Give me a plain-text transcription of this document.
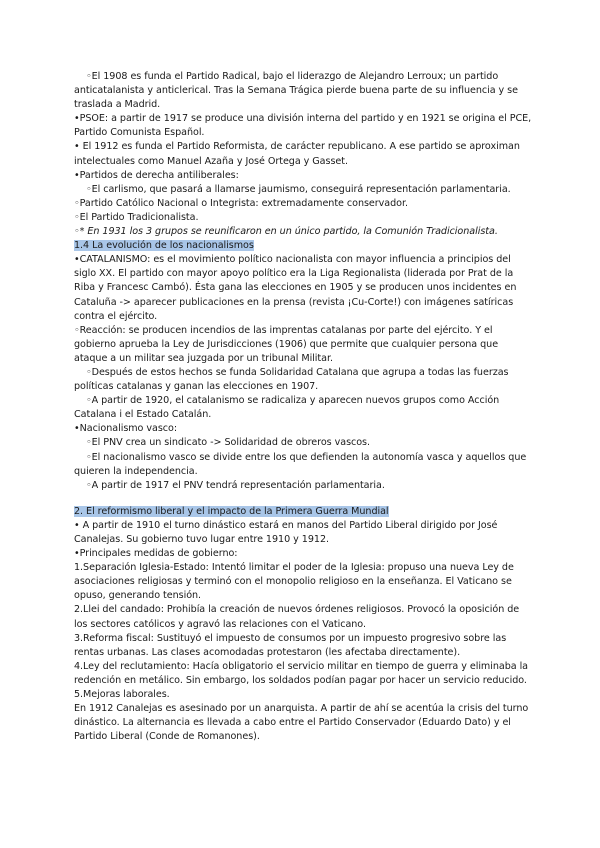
◦El 1908 es funda el Partido Radical, bajo el liderazgo de Alejandro Lerroux; un partido
anticatalanista y anticlerical. Tras la Semana Trágica pierde buena parte de su influencia y se
traslada a Madrid.
•PSOE: a partir de 1917 se produce una división interna del partido y en 1921 se origina el PCE,
Partido Comunista Español.
• El 1912 es funda el Partido Reformista, de carácter republicano. A ese partido se aproximan
intelectuales como Manuel Azaña y José Ortega y Gasset.
•Partidos de derecha antiliberales:
◦El carlismo, que pasará a llamarse jaumismo, conseguirá representación parlamentaria.
◦Partido Católico Nacional o Integrista: extremadamente conservador.
◦El Partido Tradicionalista.
◦* En 1931 los 3 grupos se reunificaron en un único partido, la Comunión Tradicionalista.
1.4 La evolución de los nacionalismos
•CATALANISMO: es el movimiento político nacionalista con mayor influencia a principios del
siglo XX. El partido con mayor apoyo político era la Liga Regionalista (liderada por Prat de la
Riba y Francesc Cambó). Ésta gana las elecciones en 1905 y se producen unos incidentes en
Cataluña -> aparecer publicaciones en la prensa (revista ¡Cu-Corte!) con imágenes satíricas
contra el ejército.
◦Reacción: se producen incendios de las imprentas catalanas por parte del ejército. Y el
gobierno aprueba la Ley de Jurisdicciones (1906) que permite que cualquier persona que
ataque a un militar sea juzgada por un tribunal Militar.
◦Después de estos hechos se funda Solidaridad Catalana que agrupa a todas las fuerzas
políticas catalanas y ganan las elecciones en 1907.
◦A partir de 1920, el catalanismo se radicaliza y aparecen nuevos grupos como Acción
Catalana i el Estado Catalán.
•Nacionalismo vasco:
◦El PNV crea un sindicato -> Solidaridad de obreros vascos.
◦El nacionalismo vasco se divide entre los que defienden la autonomía vasca y aquellos que
quieren la independencia.
◦A partir de 1917 el PNV tendrá representación parlamentaria.
2. El reformismo liberal y el impacto de la Primera Guerra Mundial
• A partir de 1910 el turno dinástico estará en manos del Partido Liberal dirigido por José
Canalejas. Su gobierno tuvo lugar entre 1910 y 1912.
•Principales medidas de gobierno:
1.Separación Iglesia-Estado: Intentó limitar el poder de la Iglesia: propuso una nueva Ley de
asociaciones religiosas y terminó con el monopolio religioso en la enseñanza. El Vaticano se
opuso, generando tensión.
2.Llei del candado: Prohibía la creación de nuevos órdenes religiosos. Provocó la oposición de
los sectores católicos y agravó las relaciones con el Vaticano.
3.Reforma fiscal: Sustituyó el impuesto de consumos por un impuesto progresivo sobre las
rentas urbanas. Las clases acomodadas protestaron (les afectaba directamente).
4.Ley del reclutamiento: Hacía obligatorio el servicio militar en tiempo de guerra y eliminaba la
redención en metálico. Sin embargo, los soldados podían pagar por hacer un servicio reducido.
5.Mejoras laborales.
En 1912 Canalejas es asesinado por un anarquista. A partir de ahí se acentúa la crisis del turno
dinástico. La alternancia es llevada a cabo entre el Partido Conservador (Eduardo Dato) y el
Partido Liberal (Conde de Romanones).
